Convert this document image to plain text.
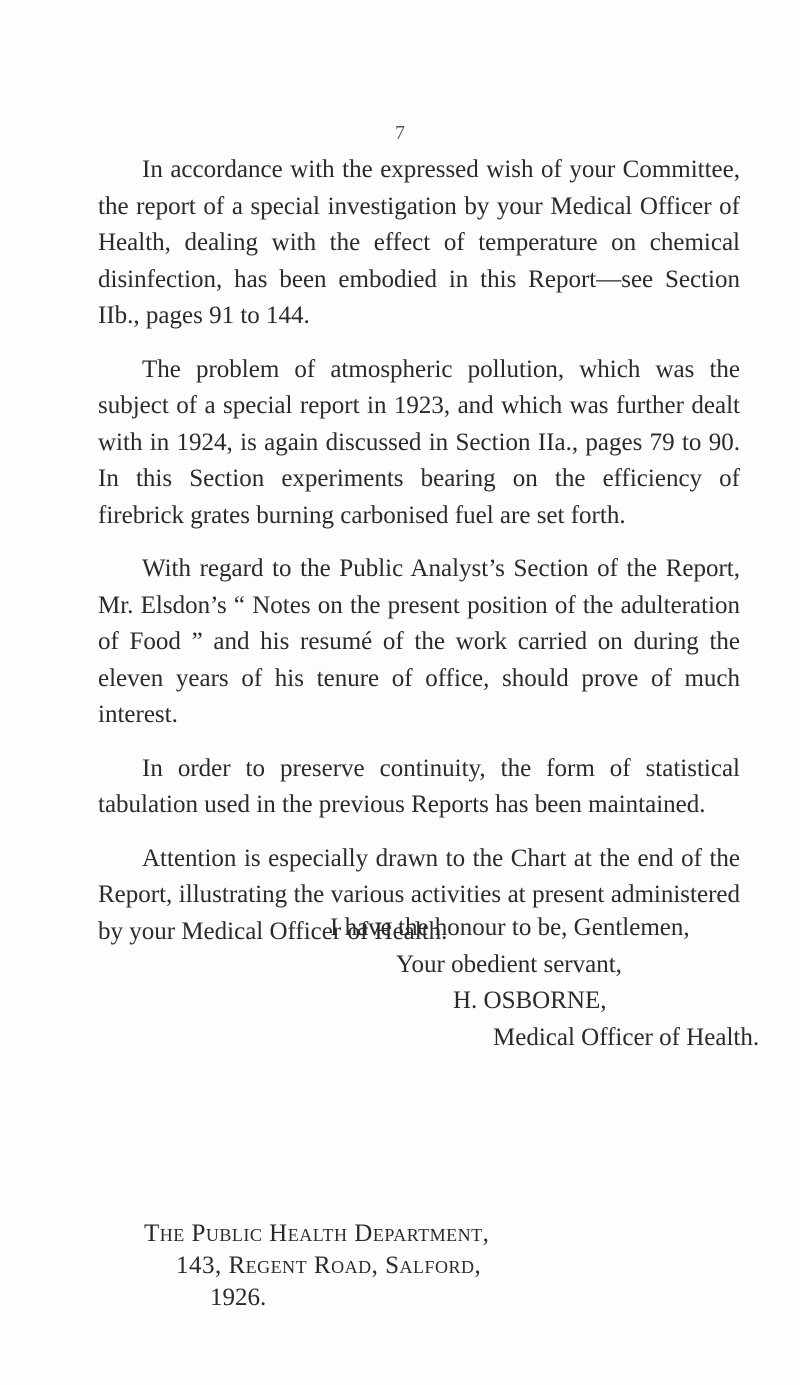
7

In accordance with the expressed wish of your Committee, the report of a special investigation by your Medical Officer of Health, dealing with the effect of temperature on chemical disinfection, has been embodied in this Report—see Section IIb., pages 91 to 144.

The problem of atmospheric pollution, which was the subject of a special report in 1923, and which was further dealt with in 1924, is again discussed in Section IIa., pages 79 to 90. In this Section experiments bearing on the efficiency of firebrick grates burning carbonised fuel are set forth.

With regard to the Public Analyst’s Section of the Report, Mr. Elsdon’s “ Notes on the present position of the adulteration of Food ” and his resumé of the work carried on during the eleven years of his tenure of office, should prove of much interest.

In order to preserve continuity, the form of statistical tabulation used in the previous Reports has been maintained.

Attention is especially drawn to the Chart at the end of the Report, illustrating the various activities at present administered by your Medical Officer of Health.

I have the honour to be, Gentlemen,
Your obedient servant,
H. OSBORNE,
Medical Officer of Health.
The Public Health Department,
143, Regent Road, Salford,
1926.
